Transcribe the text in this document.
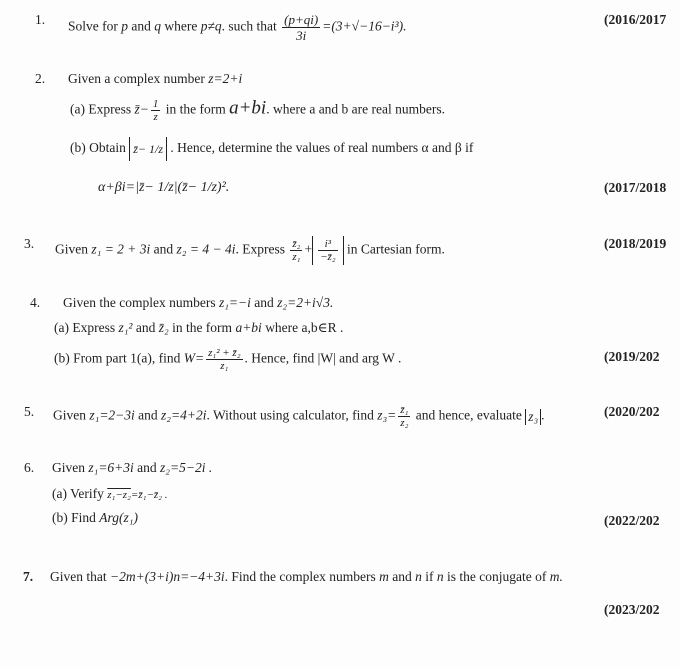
1. Solve for p and q where p≠q. such that $\frac{(p+qi)}{3i} =(3+√-16-i^3)$.	(2016/2017
2. Given a complex number z=2+i
(a) Express z̄− $\frac{1}{z}$ in the form a+bi. where a and b are real numbers.
(b) Obtain z̄− 1/z . Hence, determine the values of real numbers α and β if
α+βi=|z̄− 1/z|(z̄− 1/z)².	(2017/2018
3. Given z₁ = 2 + 3i and z₂ = 4 − 4i. Express $\frac{\text{z̄₂}}{\text{z₁}} + \frac{\text{i³}}{\text{−z̄₂}}$ in Cartesian form.	(2018/2019
4. Given the complex numbers z₁=−i and z₂=2+i√3.
(a) Express z₁² and z̄₂ in the form a+bi where a,b∈R .
(b) From part 1(a), find $W= \frac{\text{z₁² + z̄₂}}{\text{z₁}}$ . Hence, find |W| and arg W .	(2019/202
5. Given z₁=2−3i and z₂=4+2i. Without using calculator, find $z_3= \frac{\text{z̄₁}}{\text{z₂}}$ and hence, evaluate z₃ .	(2020/202
6. Given z₁=6+3i and z₂=5−2i .
(a) Verify z₁−z₂=z̄₁−z̄₂ .
(b) Find Arg(z₁)	(2022/202
7. Given that −2m+(3+i)n=−4+3i. Find the complex numbers m and n if n is the conjugate of m.
(2023/202
